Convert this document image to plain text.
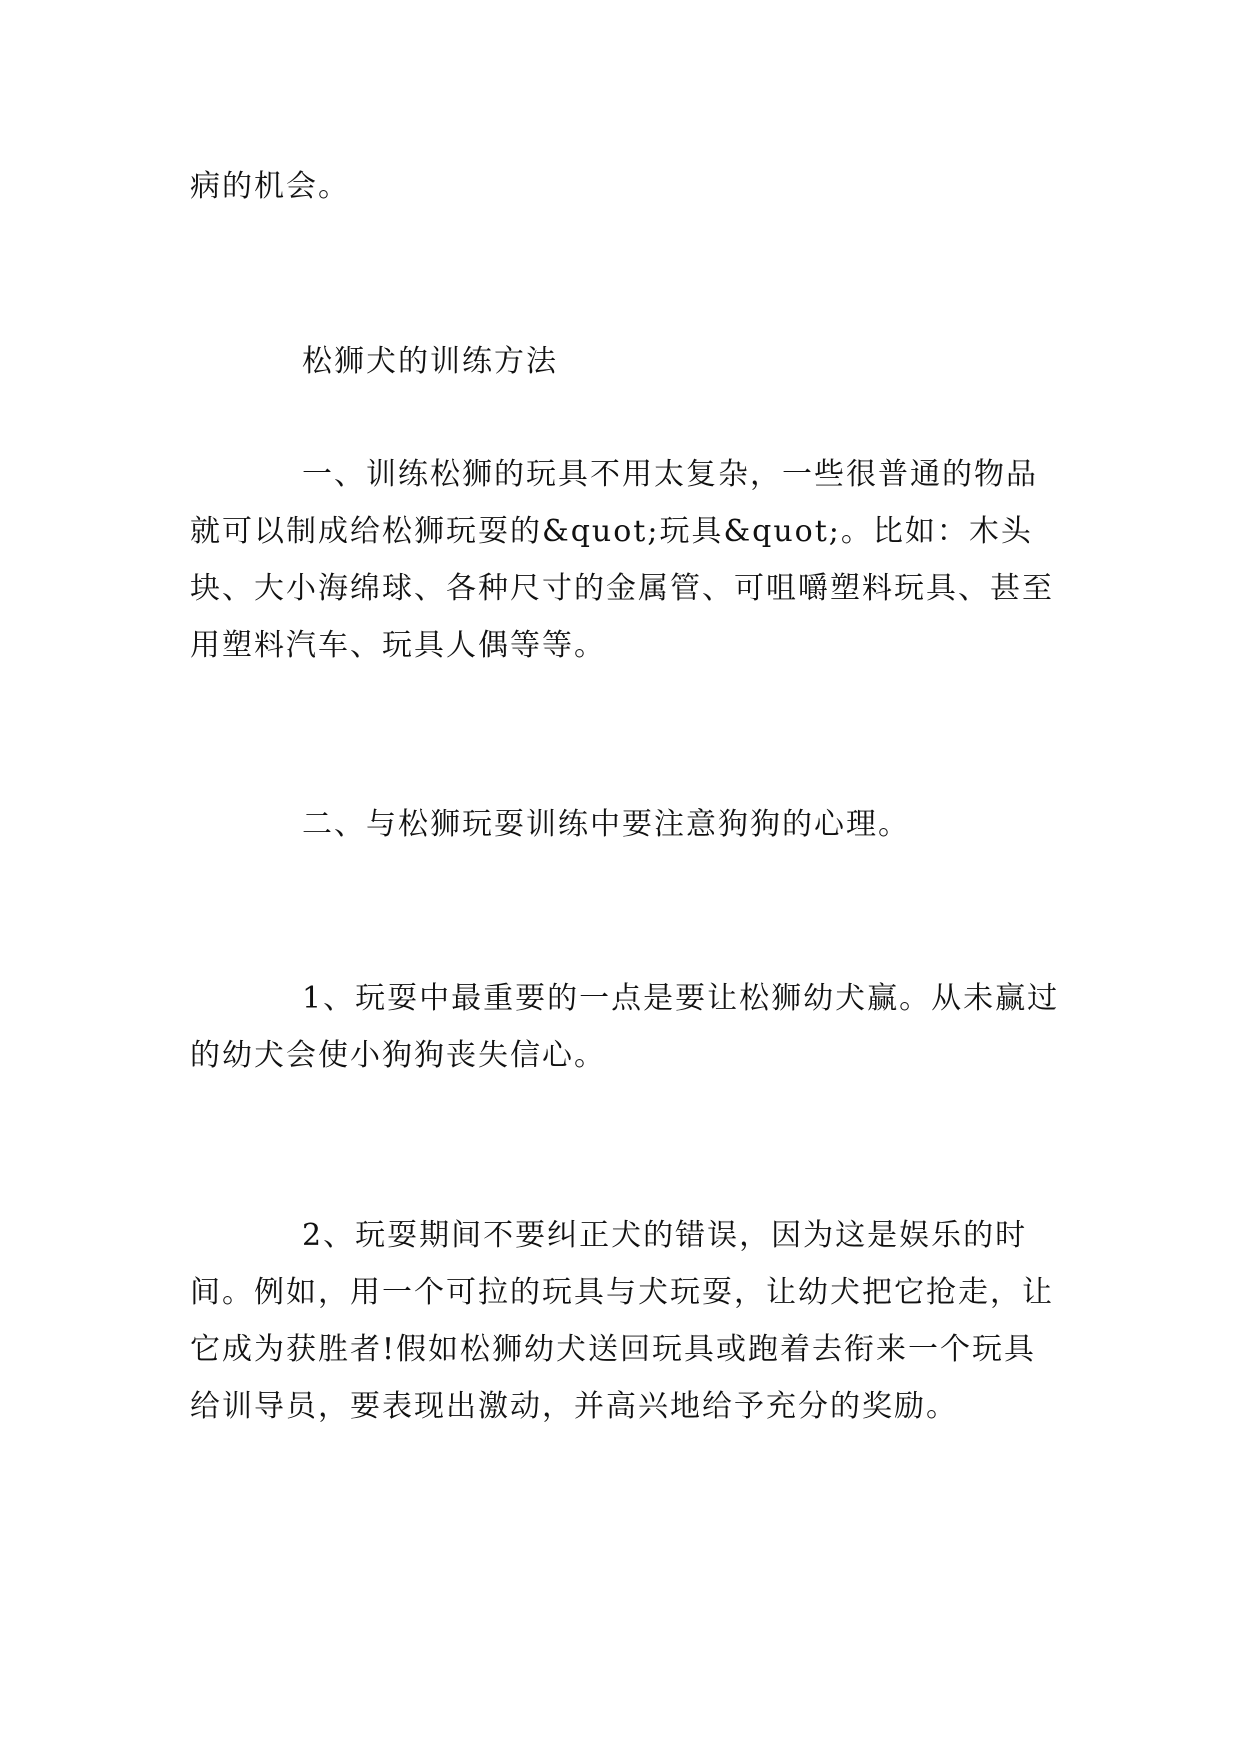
病的机会。

松狮犬的训练方法

一、训练松狮的玩具不用太复杂，一些很普通的物品就可以制成给松狮玩耍的&quot;玩具&quot;。比如：木头块、大小海绵球、各种尺寸的金属管、可咀嚼塑料玩具、甚至用塑料汽车、玩具人偶等等。

二、与松狮玩耍训练中要注意狗狗的心理。

1、玩耍中最重要的一点是要让松狮幼犬赢。从未赢过的幼犬会使小狗狗丧失信心。

2、玩耍期间不要纠正犬的错误，因为这是娱乐的时间。例如，用一个可拉的玩具与犬玩耍，让幼犬把它抢走，让它成为获胜者!假如松狮幼犬送回玩具或跑着去衔来一个玩具给训导员，要表现出激动，并高兴地给予充分的奖励。
